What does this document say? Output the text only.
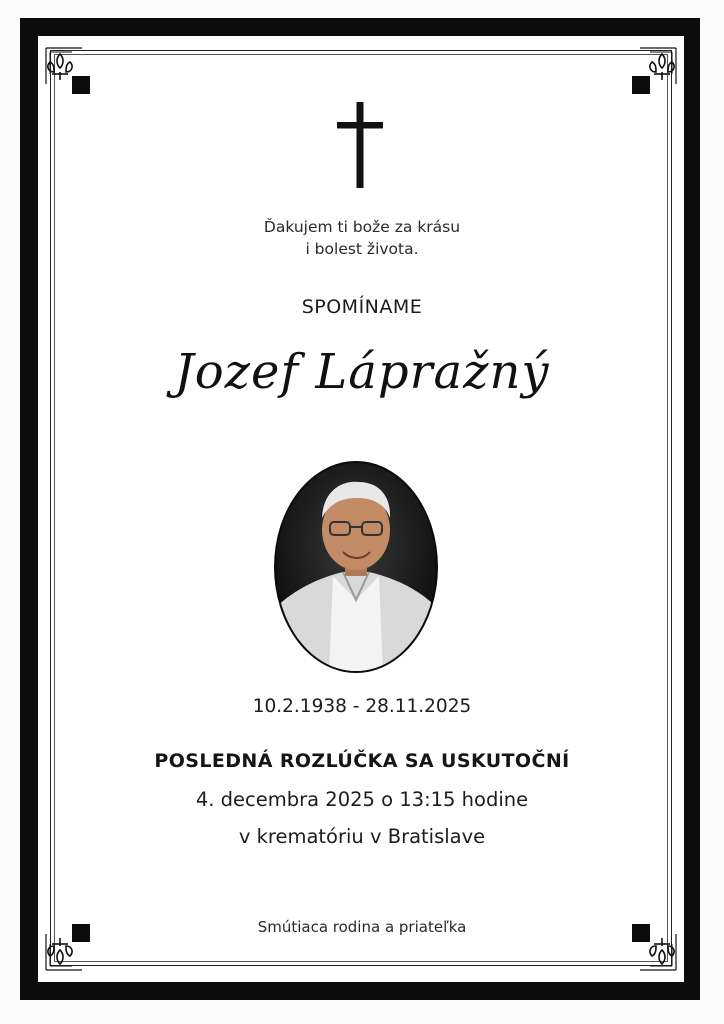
Ďakujem ti bože za krásu
i bolest života.
SPOMÍNAME
Jozef Lápražný
10.2.1938 - 28.11.2025
POSLEDNÁ ROZLÚČKA SA USKUTOČNÍ
4. decembra 2025 o 13:15 hodine
v krematóriu v Bratislave
Smútiaca rodina a priateľka
